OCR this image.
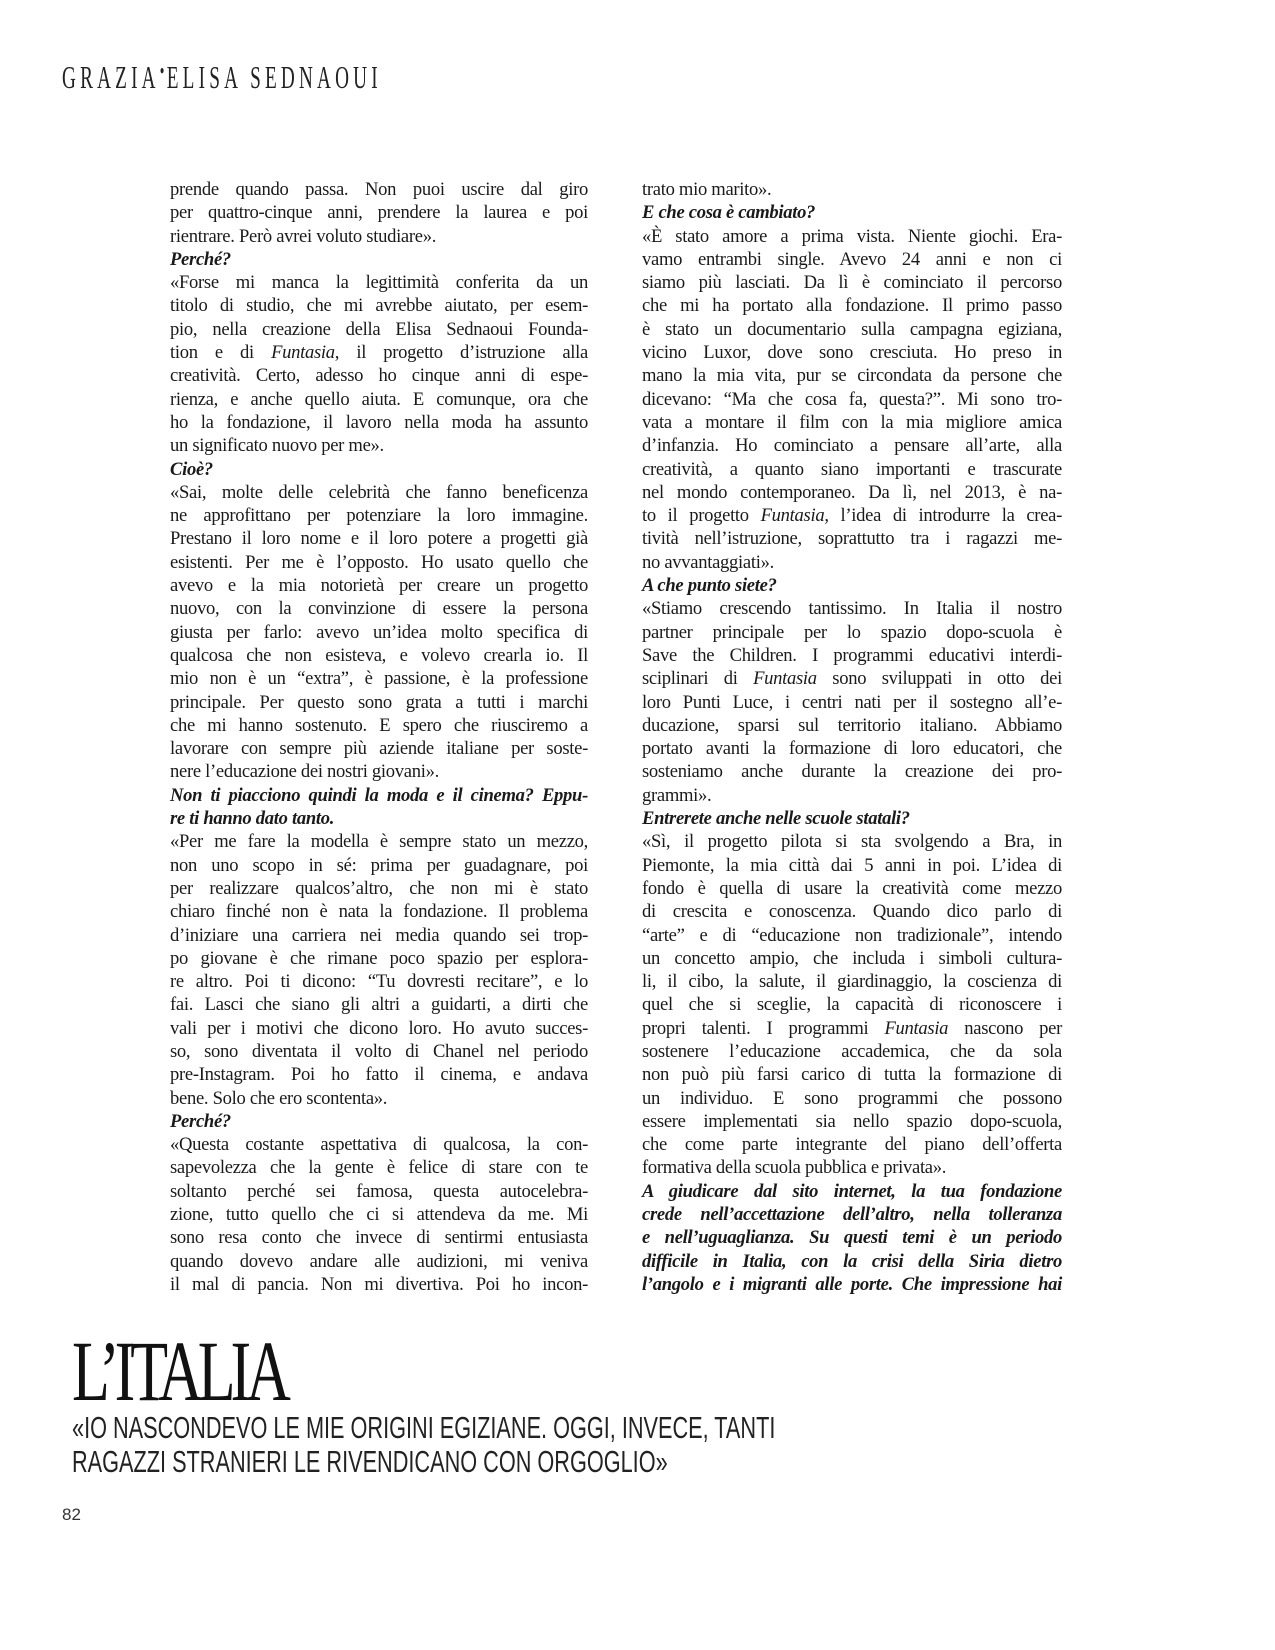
GRAZIA•ELISA SEDNAOUI
prende quando passa. Non puoi uscire dal giro
per quattro-cinque anni, prendere la laurea e poi
rientrare. Però avrei voluto studiare».
Perché?
«Forse mi manca la legittimità conferita da un
titolo di studio, che mi avrebbe aiutato, per esem-
pio, nella creazione della Elisa Sednaoui Founda-
tion e di Funtasia, il progetto d’istruzione alla
creatività. Certo, adesso ho cinque anni di espe-
rienza, e anche quello aiuta. E comunque, ora che
ho la fondazione, il lavoro nella moda ha assunto
un significato nuovo per me».
Cioè?
«Sai, molte delle celebrità che fanno beneficenza
ne approfittano per potenziare la loro immagine.
Prestano il loro nome e il loro potere a progetti già
esistenti. Per me è l’opposto. Ho usato quello che
avevo e la mia notorietà per creare un progetto
nuovo, con la convinzione di essere la persona
giusta per farlo: avevo un’idea molto specifica di
qualcosa che non esisteva, e volevo crearla io. Il
mio non è un “extra”, è passione, è la professione
principale. Per questo sono grata a tutti i marchi
che mi hanno sostenuto. E spero che riusciremo a
lavorare con sempre più aziende italiane per soste-
nere l’educazione dei nostri giovani».
Non ti piacciono quindi la moda e il cinema? Eppu-
re ti hanno dato tanto.
«Per me fare la modella è sempre stato un mezzo,
non uno scopo in sé: prima per guadagnare, poi
per realizzare qualcos’altro, che non mi è stato
chiaro finché non è nata la fondazione. Il problema
d’iniziare una carriera nei media quando sei trop-
po giovane è che rimane poco spazio per esplora-
re altro. Poi ti dicono: “Tu dovresti recitare”, e lo
fai. Lasci che siano gli altri a guidarti, a dirti che
vali per i motivi che dicono loro. Ho avuto succes-
so, sono diventata il volto di Chanel nel periodo
pre-Instagram. Poi ho fatto il cinema, e andava
bene. Solo che ero scontenta».
Perché?
«Questa costante aspettativa di qualcosa, la con-
sapevolezza che la gente è felice di stare con te
soltanto perché sei famosa, questa autocelebra-
zione, tutto quello che ci si attendeva da me. Mi
sono resa conto che invece di sentirmi entusiasta
quando dovevo andare alle audizioni, mi veniva
il mal di pancia. Non mi divertiva. Poi ho incon-
trato mio marito».
E che cosa è cambiato?
«È stato amore a prima vista. Niente giochi. Era-
vamo entrambi single. Avevo 24 anni e non ci
siamo più lasciati. Da lì è cominciato il percorso
che mi ha portato alla fondazione. Il primo passo
è stato un documentario sulla campagna egiziana,
vicino Luxor, dove sono cresciuta. Ho preso in
mano la mia vita, pur se circondata da persone che
dicevano: “Ma che cosa fa, questa?”. Mi sono tro-
vata a montare il film con la mia migliore amica
d’infanzia. Ho cominciato a pensare all’arte, alla
creatività, a quanto siano importanti e trascurate
nel mondo contemporaneo. Da lì, nel 2013, è na-
to il progetto Funtasia, l’idea di introdurre la crea-
tività nell’istruzione, soprattutto tra i ragazzi me-
no avvantaggiati».
A che punto siete?
«Stiamo crescendo tantissimo. In Italia il nostro
partner principale per lo spazio dopo-scuola è
Save the Children. I programmi educativi interdi-
sciplinari di Funtasia sono sviluppati in otto dei
loro Punti Luce, i centri nati per il sostegno all’e-
ducazione, sparsi sul territorio italiano. Abbiamo
portato avanti la formazione di loro educatori, che
sosteniamo anche durante la creazione dei pro-
grammi».
Entrerete anche nelle scuole statali?
«Sì, il progetto pilota si sta svolgendo a Bra, in
Piemonte, la mia città dai 5 anni in poi. L’idea di
fondo è quella di usare la creatività come mezzo
di crescita e conoscenza. Quando dico parlo di
“arte” e di “educazione non tradizionale”, intendo
un concetto ampio, che includa i simboli cultura-
li, il cibo, la salute, il giardinaggio, la coscienza di
quel che si sceglie, la capacità di riconoscere i
propri talenti. I programmi Funtasia nascono per
sostenere l’educazione accademica, che da sola
non può più farsi carico di tutta la formazione di
un individuo. E sono programmi che possono
essere implementati sia nello spazio dopo-scuola,
che come parte integrante del piano dell’offerta
formativa della scuola pubblica e privata».
A giudicare dal sito internet, la tua fondazione
crede nell’accettazione dell’altro, nella tolleranza
e nell’uguaglianza. Su questi temi è un periodo
difficile in Italia, con la crisi della Siria dietro
l’angolo e i migranti alle porte. Che impressione hai
L’ITALIA
«IO NASCONDEVO LE MIE ORIGINI EGIZIANE. OGGI, INVECE, TANTI
RAGAZZI STRANIERI LE RIVENDICANO CON ORGOGLIO»
82
